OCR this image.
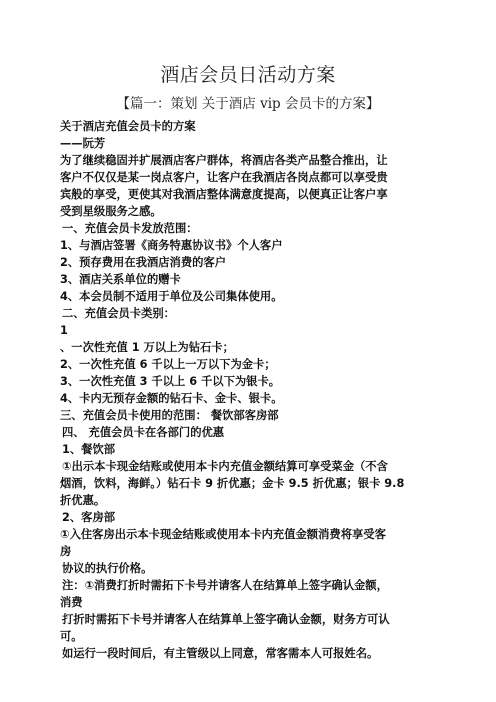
酒店会员日活动方案
【篇一：策划 关于酒店 vip 会员卡的方案】
关于酒店充值会员卡的方案
——阮芳
为了继续稳固并扩展酒店客户群体，将酒店各类产品整合推出，让
客户不仅仅是某一岗点客户，让客户在我酒店各岗点都可以享受贵
宾般的享受，更使其对我酒店整体满意度提高，以便真正让客户享
受到星级服务之感。
一、充值会员卡发放范围：
1、与酒店签署《商务特惠协议书》个人客户
2、预存费用在我酒店消费的客户
3、酒店关系单位的赠卡
4、本会员制不适用于单位及公司集体使用。
二、充值会员卡类别：
1
、一次性充值 1 万以上为钻石卡；
2、一次性充值 6 千以上一万以下为金卡；
3、一次性充值 3 千以上 6 千以下为银卡。
4、卡内无预存金额的钻石卡、金卡、银卡。
三、充值会员卡使用的范围： 餐饮部客房部
四、 充值会员卡在各部门的优惠
1、餐饮部
①出示本卡现金结账或使用本卡内充值金额结算可享受菜金（不含
烟酒，饮料，海鲜。）钻石卡 9 折优惠；金卡 9.5 折优惠；银卡 9.8
折优惠。
2、客房部
①入住客房出示本卡现金结账或使用本卡内充值金额消费将享受客
房
协议的执行价格。
注：①消费打折时需拓下卡号并请客人在结算单上签字确认金额，
消费
打折时需拓下卡号并请客人在结算单上签字确认金额，财务方可认
可。
如运行一段时间后，有主管级以上同意，常客需本人可报姓名。
